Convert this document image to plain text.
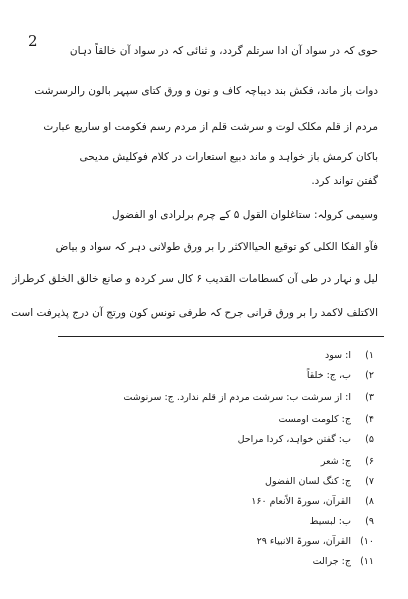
2
حوی کہ در سواد آن ادا سرتلم گردد، و ثنائی کہ در سواد آن خالقاً دہان
دوات باز ماند، فکش بند دیباچہ کاف و نون و ورق کتای سپہر بالون رالرسرشت
مردم از قلم مکلک لوت و سرشت قلم از مردم رسم فکومت او ساریع عبارت
باکان کرمش باز خواہد و ماند دبیع استعارات در کلام فوکلیش مدیحی
گفتن تواند کرد.
وسیمی کرولہ: ستاغلوان القول ۵ کے چرم برلرادی او الفضول
فآو الفکا الکلی کو توقیع الحیاالاکثر را بر ورق طولانی دہر کہ سواد و بیاض
لیل و نہار در طی آن کسطامات القدیب ۶ کال سر کردہ و صانع خالق الخلق کرطراز
الاکتلف لاکمد را بر ورق قرانی جرح کہ طرفی تونس کون ورتج آن درج پذیرفت است
۱) ا: سود
۲) ب، ج: خلقاً
۳) ا: از سرشت ب: سرشت مردم از قلم ندارد. ج: سرنوشت
۴) ج: کلومت اومست
۵) ب: گفتن خواہد، کردا مراحل
۶) ج: شعر
۷) ج: کنگ لسان الفضول
۸) القرآن، سورۃ الاًنعام ۱۶۰
۹) ب: لبسیط
۱۰) القرآن، سورۃ الانبیاء ۲۹
۱۱) ج: جرالت
